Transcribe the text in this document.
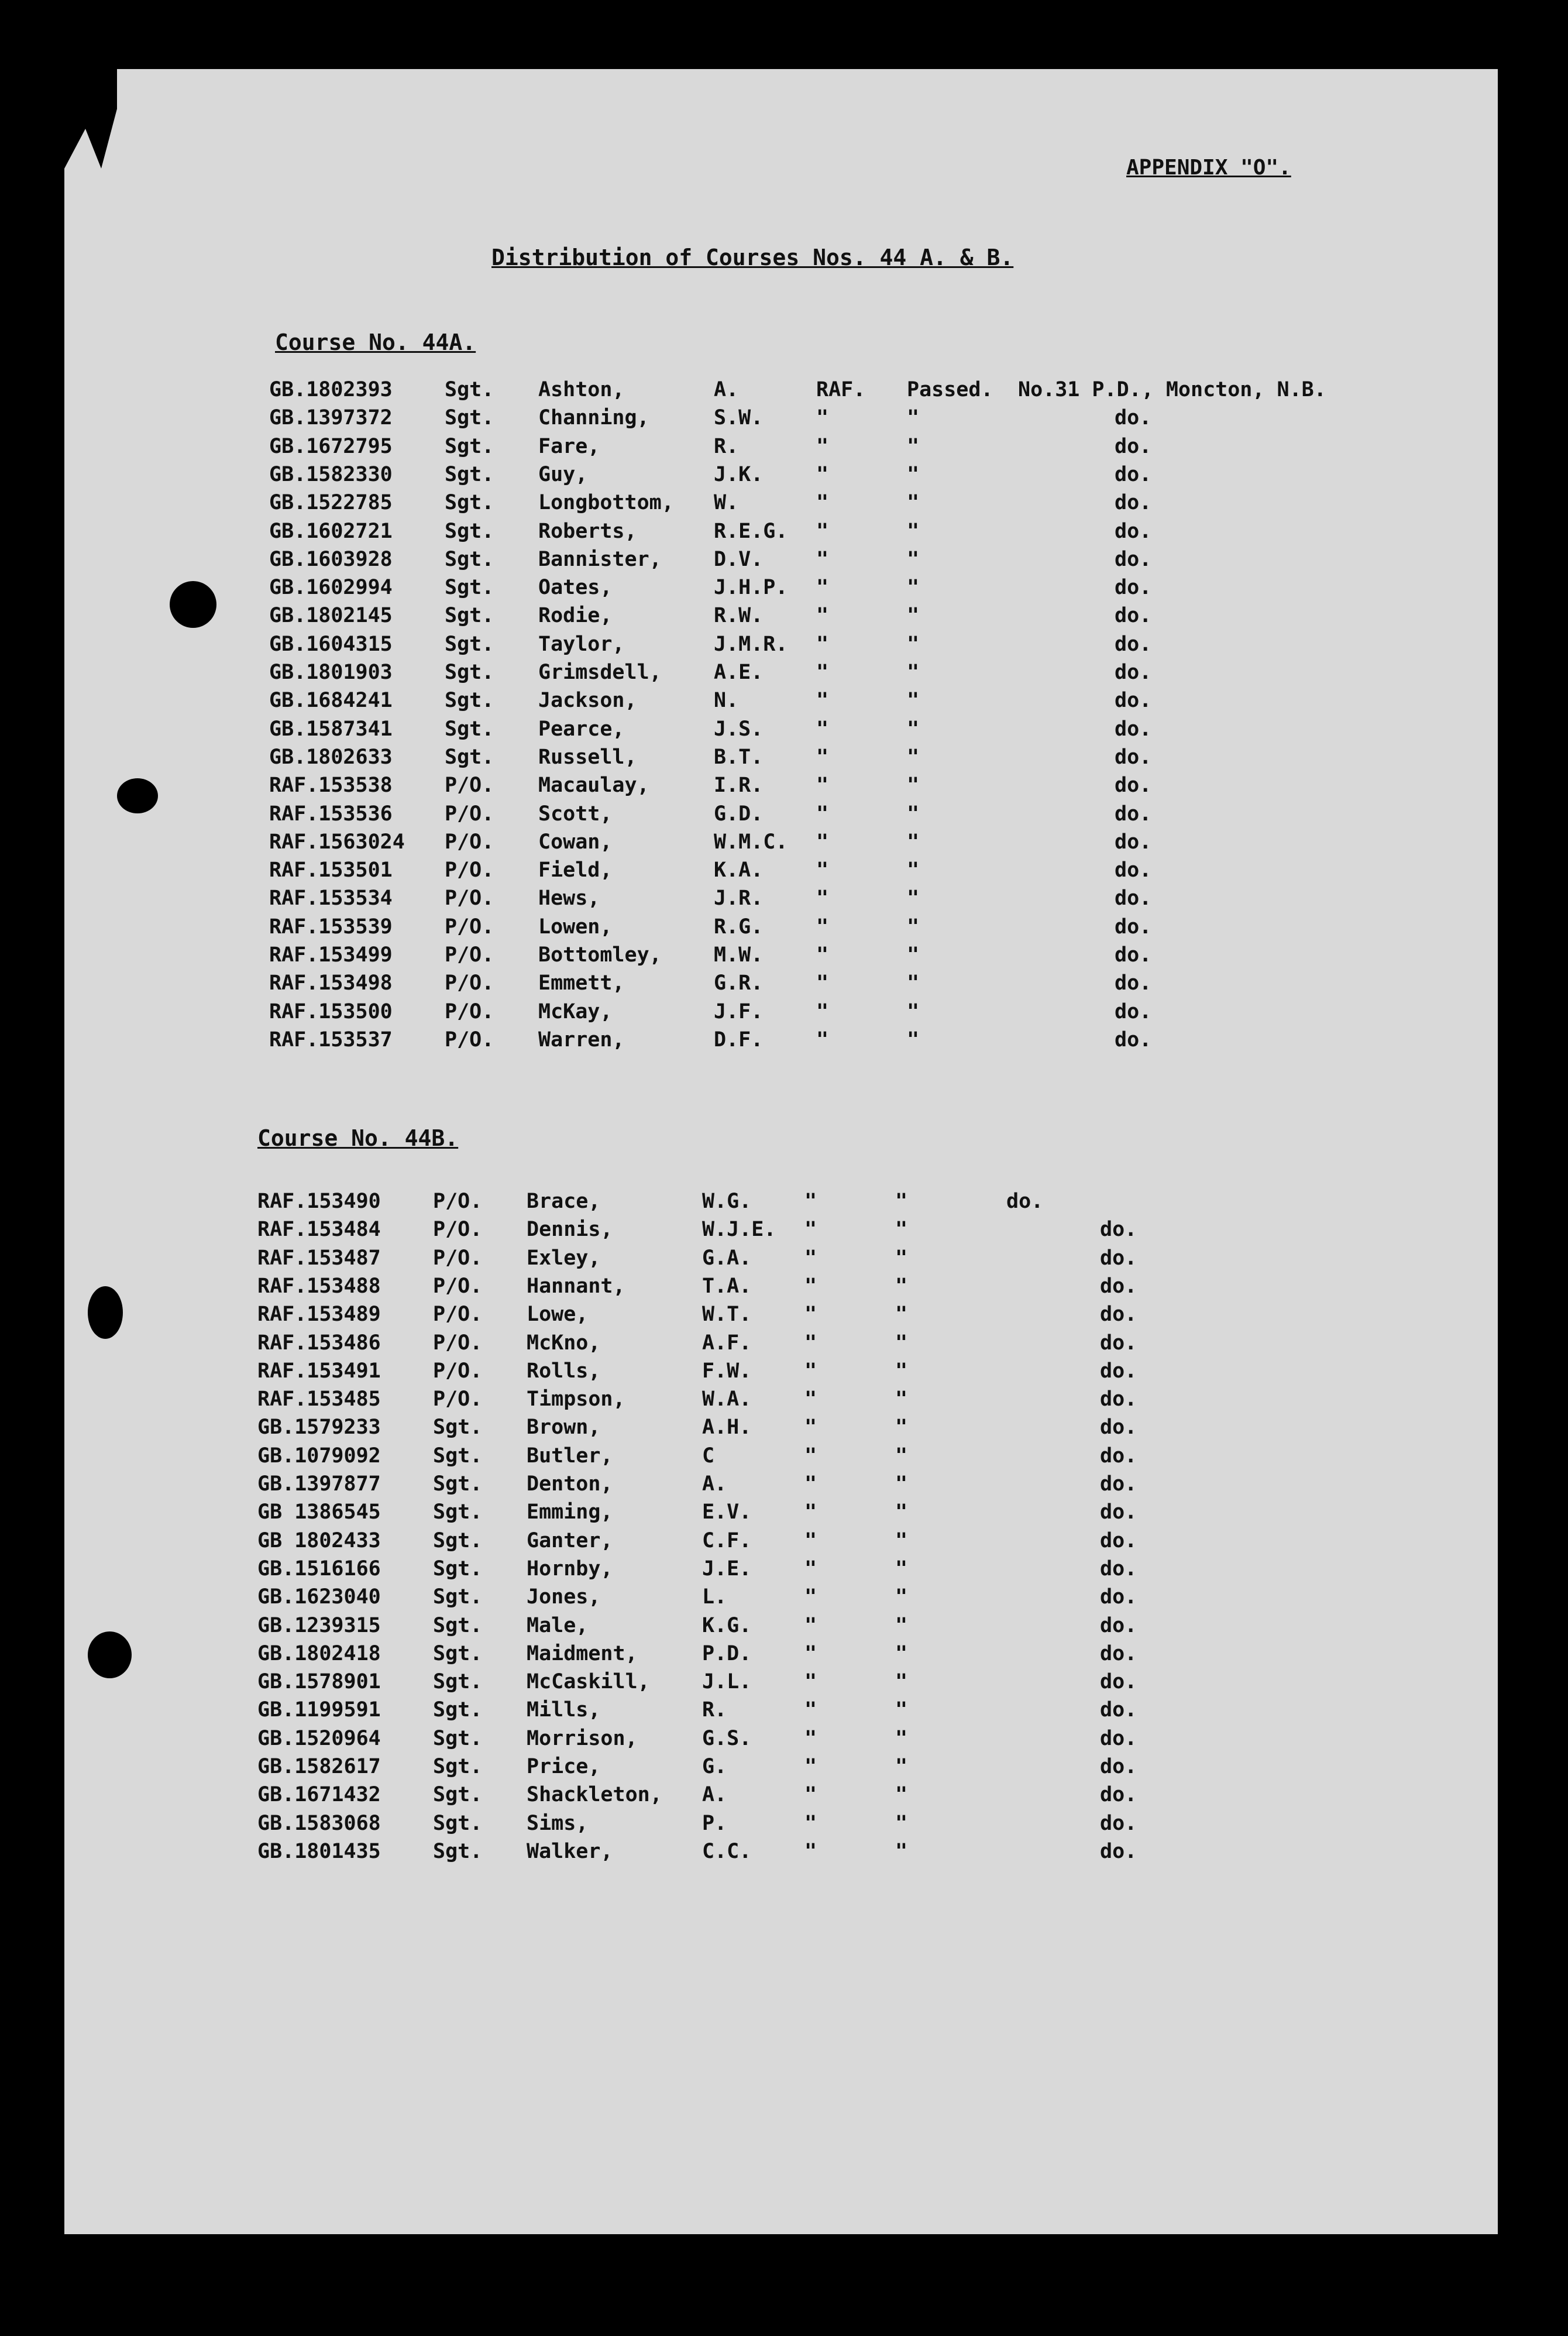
APPENDIX "O".
Distribution of Courses Nos. 44 A. & B.
Course No. 44A.
GB.1802393	Sgt. Ashton,	A.	RAF. Passed. No.31 P.D., Moncton, N.B.
GB.1397372	Sgt. Channing,	S.W.	"	"	do.
GB.1672795	Sgt. Fare,	R.	"	"	do.
GB.1582330	Sgt. Guy,	J.K.	"	"	do.
GB.1522785	Sgt. Longbottom, W.	"	"	do.
GB.1602721	Sgt. Roberts,	R.E.G. "	"	do.
GB.1603928	Sgt. Bannister,	D.V.	"	"	do.
GB.1602994	Sgt. Oates,	J.H.P. "	"	do.
GB.1802145	Sgt. Rodie,	R.W.	"	"	do.
GB.1604315	Sgt. Taylor,	J.M.R. "	"	do.
GB.1801903	Sgt. Grimsdell,	A.E.	"	"	do.
GB.1684241	Sgt. Jackson,	N.	"	"	do.
GB.1587341	Sgt. Pearce,	J.S.	"	"	do.
GB.1802633	Sgt. Russell,	B.T.	"	"	do.
RAF.153538	P/O. Macaulay,	I.R.	"	"	do.
RAF.153536	P/O. Scott,	G.D.	"	"	do.
RAF.1563024 P/O. Cowan,	W.M.C. "	"	do.
RAF.153501	P/O. Field,	K.A.	"	"	do.
RAF.153534	P/O. Hews,	J.R.	"	"	do.
RAF.153539	P/O. Lowen,	R.G.	"	"	do.
RAF.153499	P/O. Bottomley,	M.W.	"	"	do.
RAF.153498	P/O. Emmett,	G.R.	"	"	do.
RAF.153500	P/O. McKay,	J.F.	"	"	do.
RAF.153537	P/O. Warren,	D.F.	"	"	do.
Course No. 44B.
RAF.153490	P/O. Brace,	W.G.	"	"	do.
RAF.153484	P/O. Dennis,	W.J.E. "	"	do.
RAF.153487	P/O. Exley,	G.A.	"	"	do.
RAF.153488	P/O. Hannant,	T.A.	"	"	do.
RAF.153489	P/O. Lowe,	W.T.	"	"	do.
RAF.153486	P/O. McKno,	A.F.	"	"	do.
RAF.153491	P/O. Rolls,	F.W.	"	"	do.
RAF.153485	P/O. Timpson,	W.A.	"	"	do.
GB.1579233	Sgt. Brown,	A.H.	"	"	do.
GB.1079092	Sgt. Butler,	C	"	"	do.
GB.1397877	Sgt. Denton,	A.	"	"	do.
GB 1386545	Sgt. Emming,	E.V.	"	"	do.
GB 1802433	Sgt. Ganter,	C.F.	"	"	do.
GB.1516166	Sgt. Hornby,	J.E.	"	"	do.
GB.1623040	Sgt. Jones,	L.	"	"	do.
GB.1239315	Sgt. Male,	K.G.	"	"	do.
GB.1802418	Sgt. Maidment,	P.D.	"	"	do.
GB.1578901	Sgt. McCaskill,	J.L.	"	"	do.
GB.1199591	Sgt. Mills,	R.	"	"	do.
GB.1520964	Sgt. Morrison,	G.S.	"	"	do.
GB.1582617	Sgt. Price,	G.	"	"	do.
GB.1671432	Sgt. Shackleton, A.	"	"	do.
GB.1583068	Sgt. Sims,	P.	"	"	do.
GB.1801435	Sgt. Walker,	C.C.	"	"	do.
